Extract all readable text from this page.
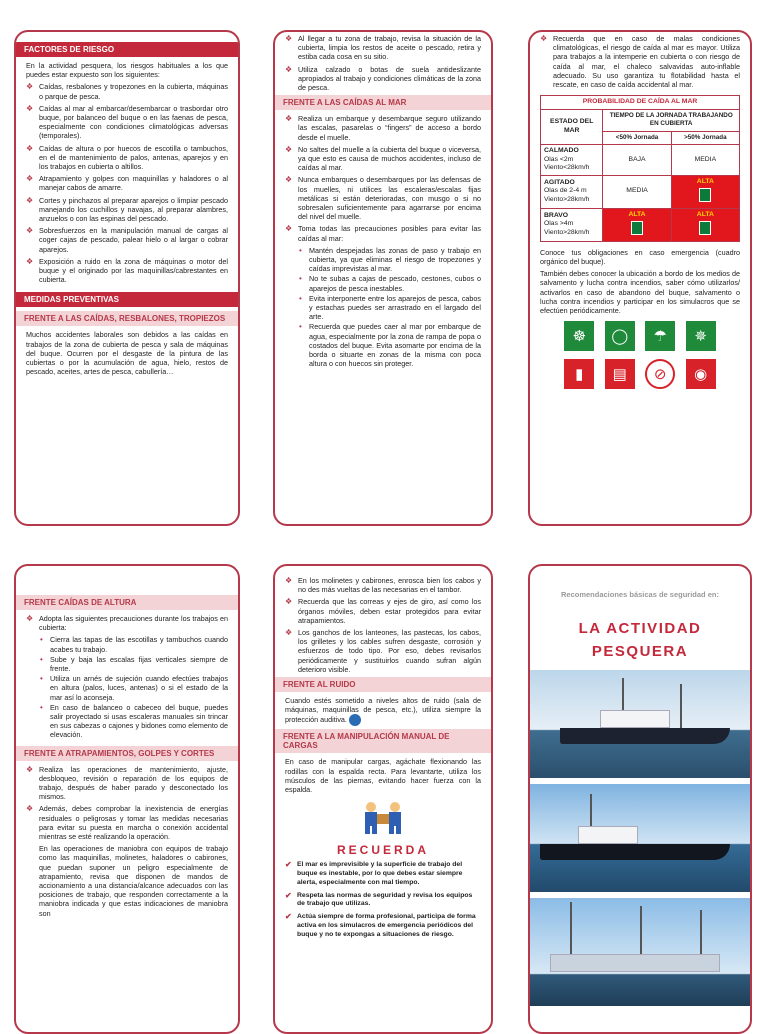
FACTORES DE RIESGO

En la actividad pesquera, los riesgos habituales a los que puedes estar expuesto son los siguientes:

❖ Caídas, resbalones y tropezones en la cubierta, máquinas o parque de pesca.
❖ Caídas al mar al embarcar/desembarcar o trasbordar otro buque, por balanceo del buque o en las faenas de pesca, especialmente con condiciones climatológicas adversas (temporales).
❖ Caídas de altura o por huecos de escotilla o tambuchos, en el de mantenimiento de palos, antenas, aparejos y en los trabajos en cubierta o altillos.
❖ Atrapamiento y golpes con maquinillas y haladores o al manejar cabos de amarre.
❖ Cortes y pinchazos al preparar aparejos o limpiar pescado manejando los cuchillos y navajas, al preparar alambres, anzuelos o con las espinas del pescado.
❖ Sobresfuerzos en la manipulación manual de cargas al coger cajas de pescado, palear hielo o al largar o cobrar aparejos.
❖ Exposición a ruido en la zona de máquinas o motor del buque y el originado por las maquinillas/cabrestantes en cubierta.
MEDIDAS PREVENTIVAS
FRENTE A LAS CAÍDAS, RESBALONES, TROPIEZOS

Muchos accidentes laborales son debidos a las caídas en trabajos de la zona de cubierta de pesca y sala de máquinas del buque. Ocurren por el desgaste de la pintura de las cubiertas o por la acumulación de agua, hielo, restos de pescado, aceites, artes de pesca, cabullería…

❖ Al llegar a tu zona de trabajo, revisa la situación de la cubierta, limpia los restos de aceite o pescado, retira y estiba cada cosa en su sitio.
❖ Utiliza calzado o botas de suela antideslizante apropiados al trabajo y condiciones climáticas de la zona de pesca.
FRENTE A LAS CAÍDAS AL MAR
❖ Realiza un embarque y desembarque seguro utilizando las escalas, pasarelas o “fingers” de acceso a bordo desde el muelle.
❖ No saltes del muelle a la cubierta del buque o viceversa, ya que esto es causa de muchos accidentes, incluso de caídas al mar.
❖ Nunca embarques o desembarques por las defensas de los muelles, ni utilices las escaleras/escalas fijas metálicas si están deterioradas, con musgo o si no sobresalen suficientemente para agarrarse por encima del nivel del muelle.
❖ Toma todas las precauciones posibles para evitar las caídas al mar:
• Mantén despejadas las zonas de paso y trabajo en cubierta, ya que eliminas el riesgo de tropezones y caídas imprevistas al mar.
• No te subas a cajas de pescado, cestones, cubos o aparejos de pesca inestables.
• Evita interponerte entre los aparejos de pesca, cabos y estachas puedes ser arrastrado en el largado del arte.
• Recuerda que puedes caer al mar por embarque de agua, especialmente por la zona de rampa de popa o costados del buque. Evita asomarte por encima de la borda o situarte en zonas de la misma con poca altura o con huecos sin proteger.
❖ Recuerda que en caso de malas condiciones climatológicas, el riesgo de caída al mar es mayor. Utiliza para trabajos a la intemperie en cubierta o con riesgo de caída al mar, el chaleco salvavidas auto-inflable adecuado. Su uso garantiza tu flotabilidad hasta el rescate, en caso de caída accidental al mar.
PROBABILIDAD DE CAÍDA AL MAR		
ESTADO DEL MAR	TIEMPO DE LA JORNADA TRABAJANDO EN CUBIERTA	
	<50% Jornada	>50% Jornada
CALMADO
Olas <2m
Viento<28km/h	BAJA	MEDIA
AGITADO
Olas de 2-4 m
Viento>28km/h	MEDIA	ALTA

BRAVO
Olas >4m
Viento>28km/h	ALTA	ALTA

Conoce tus obligaciones en caso emergencia (cuadro orgánico del buque).

También debes conocer la ubicación a bordo de los medios de salvamento y lucha contra incendios, saber cómo utilizarlos/ activarlos en caso de abandono del buque, salvamento o lucha contra incendios y participar en los simulacros que se efectúen periódicamente.

☸ ◯ ☂ ✵
▮ ▤ ⊘ ◉
FRENTE CAÍDAS DE ALTURA
❖ Adopta las siguientes precauciones durante los trabajos en cubierta:
• Cierra las tapas de las escotillas y tambuchos cuando acabes tu trabajo.
• Sube y baja las escalas fijas verticales siempre de frente.
• Utiliza un arnés de sujeción cuando efectúes trabajos en altura (palos, luces, antenas) o si el estado de la mar así lo aconseja.
• En caso de balanceo o cabeceo del buque, puedes salir proyectado si usas escaleras manuales sin trincar en sus cabezas o cajones y bidones como elemento de elevación.
FRENTE A ATRAPAMIENTOS, GOLPES Y CORTES
❖ Realiza las operaciones de mantenimiento, ajuste, desbloqueo, revisión o reparación de los equipos de trabajo, después de haber parado y desconectado los mismos.
❖ Además, debes comprobar la inexistencia de energías residuales o peligrosas y tomar las medidas necesarias para evitar su puesta en marcha o conexión accidental mientras se esté realizando la operación.

En las operaciones de maniobra con equipos de trabajo como las maquinillas, molinetes, haladores o cabirones, que puedan suponer un peligro especialmente de atrapamiento, revisa que disponen de mandos de accionamiento a una distancia/alcance adecuados con las posiciones de trabajo, que responden correctamente a la maniobra indicada y que estas indicaciones de maniobra son

❖ En los molinetes y cabirones, enrosca bien los cabos y no des más vueltas de las necesarias en el tambor.
❖ Recuerda que las correas y ejes de giro, así como los órganos móviles, deben estar protegidos para evitar atrapamientos.
❖ Los ganchos de los lanteones, las pastecas, los cabos, los grilletes y los cables sufren desgaste, corrosión y esfuerzos de todo tipo. Por eso, debes revisarlos periódicamente y sustituirlos cuando sufran algún deterioro visible.
FRENTE AL RUIDO

Cuando estés sometido a niveles altos de ruido (sala de máquinas, maquinillas de pesca, etc.), utiliza siempre la protección auditiva.

FRENTE A LA MANIPULACIÓN MANUAL DE CARGAS

En caso de manipular cargas, agáchate flexionando las rodillas con la espalda recta. Para levantarte, utiliza los músculos de las piernas, evitando hacer fuerza con la espalda.

RECUERDA
✔ El mar es imprevisible y la superficie de trabajo del buque es inestable, por lo que debes estar siempre alerta, especialmente con mal tiempo.
✔ Respeta las normas de seguridad y revisa los equipos de trabajo que utilizas.
✔ Actúa siempre de forma profesional, participa de forma activa en los simulacros de emergencia periódicos del buque y no te expongas a situaciones de riesgo.
Recomendaciones básicas de seguridad en:
LA ACTIVIDAD
PESQUERA
